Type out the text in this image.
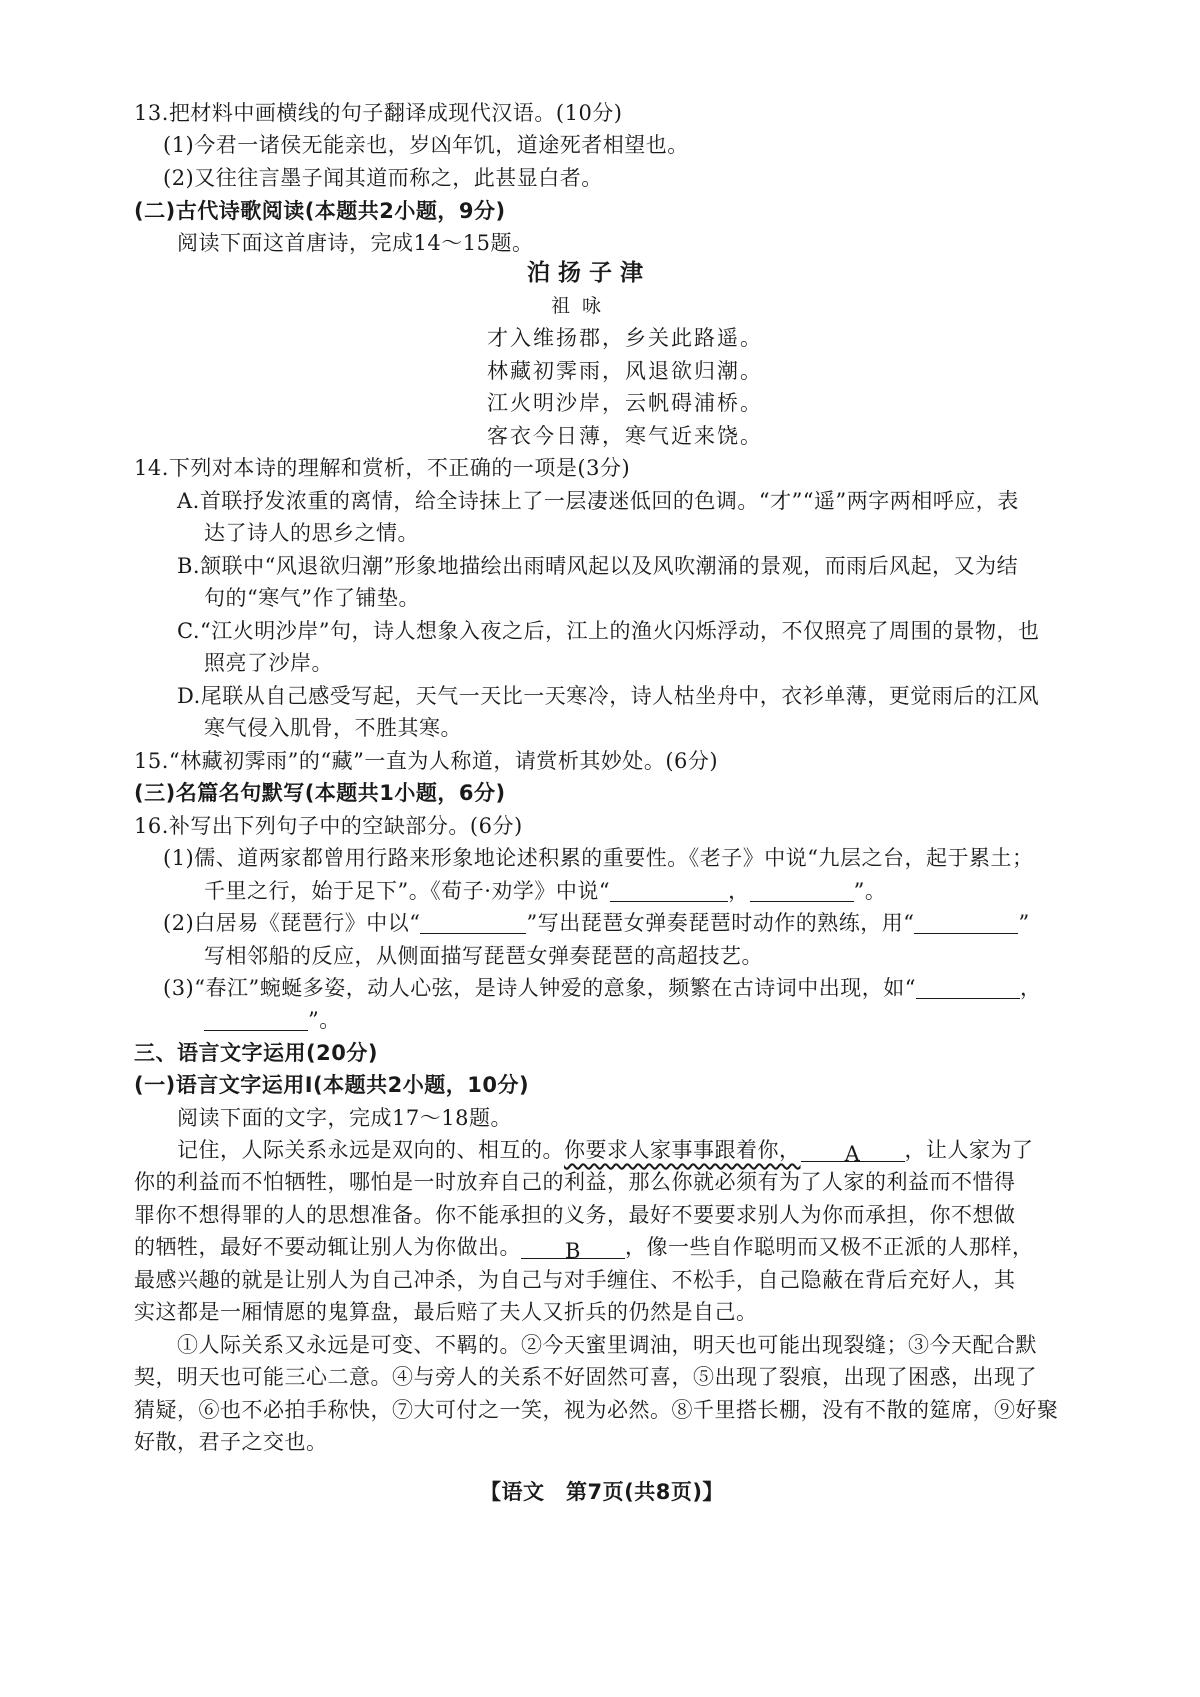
13.把材料中画横线的句子翻译成现代汉语。(10分)
(1)今君一诸侯无能亲也，岁凶年饥，道途死者相望也。
(2)又往往言墨子闻其道而称之，此甚显白者。
(二)古代诗歌阅读(本题共2小题，9分)
阅读下面这首唐诗，完成14～15题。
泊扬子津
祖咏
才入维扬郡，乡关此路遥。
林藏初霁雨，风退欲归潮。
江火明沙岸，云帆碍浦桥。
客衣今日薄，寒气近来饶。
14.下列对本诗的理解和赏析，不正确的一项是(3分)
A.首联抒发浓重的离情，给全诗抹上了一层凄迷低回的色调。“才”“遥”两字两相呼应，表
达了诗人的思乡之情。
B.颔联中“风退欲归潮”形象地描绘出雨晴风起以及风吹潮涌的景观，而雨后风起，又为结
句的“寒气”作了铺垫。
C.“江火明沙岸”句，诗人想象入夜之后，江上的渔火闪烁浮动，不仅照亮了周围的景物，也
照亮了沙岸。
D.尾联从自己感受写起，天气一天比一天寒冷，诗人枯坐舟中，衣衫单薄，更觉雨后的江风
寒气侵入肌骨，不胜其寒。
15.“林藏初霁雨”的“藏”一直为人称道，请赏析其妙处。(6分)
(三)名篇名句默写(本题共1小题，6分)
16.补写出下列句子中的空缺部分。(6分)
(1)儒、道两家都曾用行路来形象地论述积累的重要性。《老子》中说“九层之台，起于累土；
千里之行，始于足下”。《荀子·劝学》中说“	，	”。
(2)白居易《琵琶行》中以“	”写出琵琶女弹奏琵琶时动作的熟练，用“	”
写相邻船的反应，从侧面描写琵琶女弹奏琵琶的高超技艺。
(3)“春江”蜿蜒多姿，动人心弦，是诗人钟爱的意象，频繁在古诗词中出现，如“	，
”。
三、语言文字运用(20分)
(一)语言文字运用Ⅰ(本题共2小题，10分)
阅读下面的文字，完成17～18题。
记住，人际关系永远是双向的、相互的。你要求人家事事跟着你， A ，让人家为了
你的利益而不怕牺牲，哪怕是一时放弃自己的利益，那么你就必须有为了人家的利益而不惜得
罪你不想得罪的人的思想准备。你不能承担的义务，最好不要要求别人为你而承担，你不想做
的牺牲，最好不要动辄让别人为你做出。 B ，像一些自作聪明而又极不正派的人那样，
最感兴趣的就是让别人为自己冲杀，为自己与对手缠住、不松手，自己隐蔽在背后充好人，其
实这都是一厢情愿的鬼算盘，最后赔了夫人又折兵的仍然是自己。
①人际关系又永远是可变、不羁的。②今天蜜里调油，明天也可能出现裂缝；③今天配合默
契，明天也可能三心二意。④与旁人的关系不好固然可喜，⑤出现了裂痕，出现了困惑，出现了
猜疑，⑥也不必拍手称快，⑦大可付之一笑，视为必然。⑧千里搭长棚，没有不散的筵席，⑨好聚
好散，君子之交也。
【语文　第7页(共8页)】
